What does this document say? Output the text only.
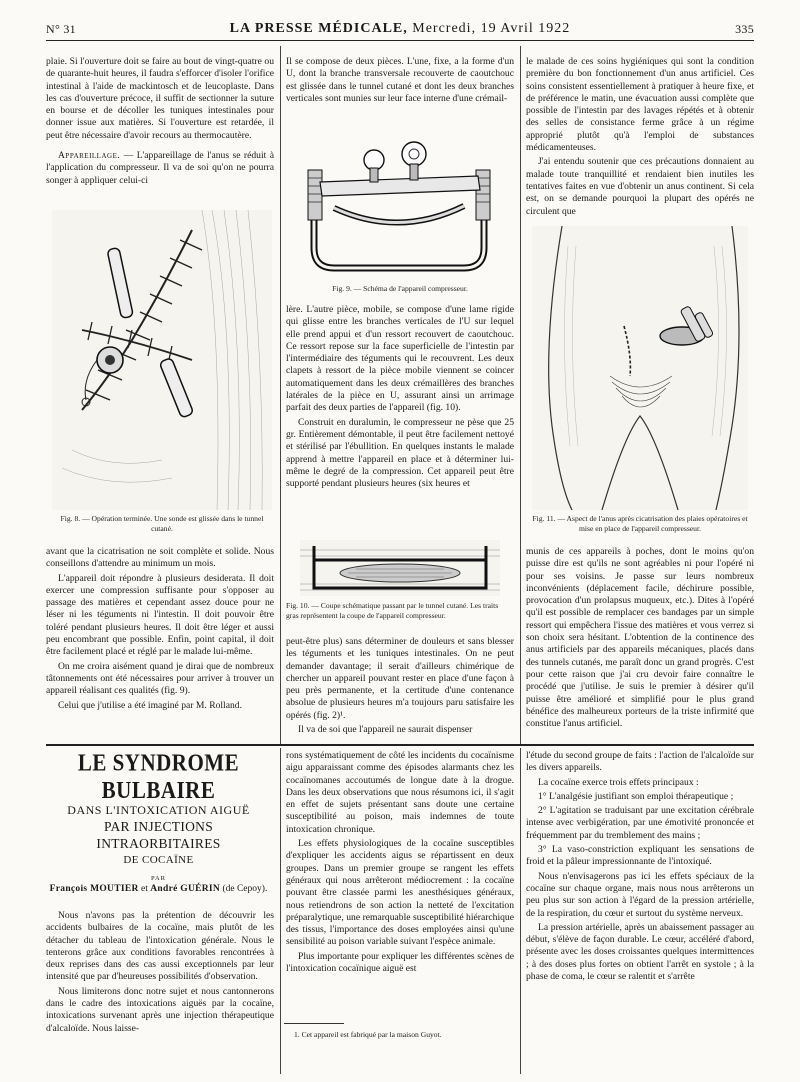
N° 31	LA PRESSE MÉDICALE, Mercredi, 19 Avril 1922	335

plaie. Si l'ouverture doit se faire au bout de vingt-quatre ou de quarante-huit heures, il faudra s'efforcer d'isoler l'orifice intestinal à l'aide de mackintosch et de leucoplaste. Dans les cas d'ouverture précoce, il suffit de sectionner la suture en bourse et de décoller les tuniques intestinales pour donner issue aux matières. Si l'ouverture est retardée, il peut être nécessaire d'avoir recours au thermocautère.

Appareillage. — L'appareillage de l'anus se réduit à l'application du compresseur. Il va de soi qu'on ne pourra songer à appliquer celui-ci

Fig. 8. — Opération terminée. Une sonde est glissée dans le tunnel cutané.

avant que la cicatrisation ne soit complète et solide. Nous conseillons d'attendre au minimum un mois.

L'appareil doit répondre à plusieurs desiderata. Il doit exercer une compression suffisante pour s'opposer au passage des matières et cependant assez douce pour ne léser ni les téguments ni l'intestin. Il doit pouvoir être toléré pendant plusieurs heures. Il doit être léger et aussi peu encombrant que possible. Enfin, point capital, il doit être facilement placé et réglé par le malade lui-même.

On me croira aisément quand je dirai que de nombreux tâtonnements ont été nécessaires pour arriver à trouver un appareil réalisant ces qualités (fig. 9).

Celui que j'utilise a été imaginé par M. Rolland.

Il se compose de deux pièces. L'une, fixe, a la forme d'un U, dont la branche transversale recouverte de caoutchouc est glissée dans le tunnel cutané et dont les deux branches verticales sont munies sur leur face interne d'une crémail-

Fig. 9. — Schéma de l'appareil compresseur.

lère. L'autre pièce, mobile, se compose d'une lame rigide qui glisse entre les branches verticales de l'U sur lequel elle prend appui et d'un ressort recouvert de caoutchouc. Ce ressort repose sur la face superficielle de l'intestin par l'intermédiaire des téguments qui le recouvrent. Les deux clapets à ressort de la pièce mobile viennent se coincer automatiquement dans les deux crémaillères des branches latérales de la pièce en U, assurant ainsi un arrimage parfait des deux parties de l'appareil (fig. 10).

Construit en duralumin, le compresseur ne pèse que 25 gr. Entièrement démontable, il peut être facilement nettoyé et stérilisé par l'ébullition. En quelques instants le malade apprend à mettre l'appareil en place et à déterminer lui-même le degré de la compression. Cet appareil peut être supporté pendant plusieurs heures (six heures et

Fig. 10. — Coupe schématique passant par le tunnel cutané. Les traits gras représentent la coupe de l'appareil compresseur.

peut-être plus) sans déterminer de douleurs et sans blesser les téguments et les tuniques intestinales. On ne peut demander davantage; il serait d'ailleurs chimérique de chercher un appareil pouvant rester en place d'une façon à peu près permanente, et la certitude d'une contenance absolue de plusieurs heures m'a toujours paru satisfaire les opérés (fig. 2)¹.

Il va de soi que l'appareil ne saurait dispenser

le malade de ces soins hygiéniques qui sont la condition première du bon fonctionnement d'un anus artificiel. Ces soins consistent essentiellement à pratiquer à heure fixe, et de préférence le matin, une évacuation aussi complète que possible de l'intestin par des lavages répétés et à obtenir des selles de consistance ferme grâce à un régime approprié plutôt qu'à l'emploi de substances médicamenteuses.

J'ai entendu soutenir que ces précautions donnaient au malade toute tranquillité et rendaient bien inutiles les tentatives faites en vue d'obtenir un anus continent. Si cela est, on se demande pourquoi la plupart des opérés ne circulent que

Fig. 11. — Aspect de l'anus après cicatrisation des plaies opératoires et mise en place de l'appareil compresseur.

munis de ces appareils à poches, dont le moins qu'on puisse dire est qu'ils ne sont agréables ni pour l'opéré ni pour ses voisins. Je passe sur leurs nombreux inconvénients (déplacement facile, déchirure possible, provocation d'un prolapsus muqueux, etc.). Dites à l'opéré qu'il est possible de remplacer ces bandages par un simple ressort qui empêchera l'issue des matières et vous verrez si son choix sera hésitant. L'obtention de la continence des anus artificiels par des appareils mécaniques, placés dans des tunnels cutanés, me paraît donc un grand progrès. C'est pour cette raison que j'ai cru devoir faire connaître le procédé que j'utilise. Je suis le premier à désirer qu'il puisse être amélioré et simplifié pour le plus grand bénéfice des malheureux porteurs de la triste infirmité que constitue l'anus artificiel.

LE SYNDROME BULBAIRE
DANS L'INTOXICATION AIGUË
PAR INJECTIONS INTRAORBITAIRES
DE COCAÏNE
PAR
François MOUTIER et André GUÉRIN (de Cepoy).

Nous n'avons pas la prétention de découvrir les accidents bulbaires de la cocaïne, mais plutôt de les détacher du tableau de l'intoxication générale. Nous le tenterons grâce aux conditions favorables rencontrées à deux reprises dans des cas aussi exceptionnels par leur intensité que par d'heureuses possibilités d'observation.

Nous limiterons donc notre sujet et nous cantonnerons dans le cadre des intoxications aiguës par la cocaïne, intoxications survenant après une injection thérapeutique d'alcaloïde. Nous laisse-

rons systématiquement de côté les incidents du cocaïnisme aigu apparaissant comme des épisodes alarmants chez les cocaïnomanes accoutumés de longue date à la drogue. Dans les deux observations que nous résumons ici, il s'agit en effet de sujets présentant sans doute une certaine susceptibilité au poison, mais indemnes de toute intoxication chronique.

Les effets physiologiques de la cocaïne susceptibles d'expliquer les accidents aigus se répartissent en deux groupes. Dans un premier groupe se rangent les effets généraux qui nous arrêteront médiocrement : la cocaïne pouvant être classée parmi les anesthésiques généraux, nous retiendrons de son action la netteté de l'excitation préparalytique, une remarquable susceptibilité hiérarchique des tissus, l'importance des doses employées ainsi qu'une sensibilité au poison variable suivant l'espèce animale.

Plus importante pour expliquer les différentes scènes de l'intoxication cocaïnique aiguë est

1. Cet appareil est fabriqué par la maison Guyot.

l'étude du second groupe de faits : l'action de l'alcaloïde sur les divers appareils.

La cocaïne exerce trois effets principaux :

1° L'analgésie justifiant son emploi thérapeutique ;

2° L'agitation se traduisant par une excitation cérébrale intense avec verbigération, par une émotivité prononcée et fréquemment par du tremblement des mains ;

3° La vaso-constriction expliquant les sensations de froid et la pâleur impressionnante de l'intoxiqué.

Nous n'envisagerons pas ici les effets spéciaux de la cocaïne sur chaque organe, mais nous nous arrêterons un peu plus sur son action à l'égard de la pression artérielle, de la respiration, du cœur et surtout du système nerveux.

La pression artérielle, après un abaissement passager au début, s'élève de façon durable. Le cœur, accéléré d'abord, présente avec les doses croissantes quelques intermittences ; à des doses plus fortes on obtient l'arrêt en systole ; à la phase de coma, le cœur se ralentit et s'arrête
